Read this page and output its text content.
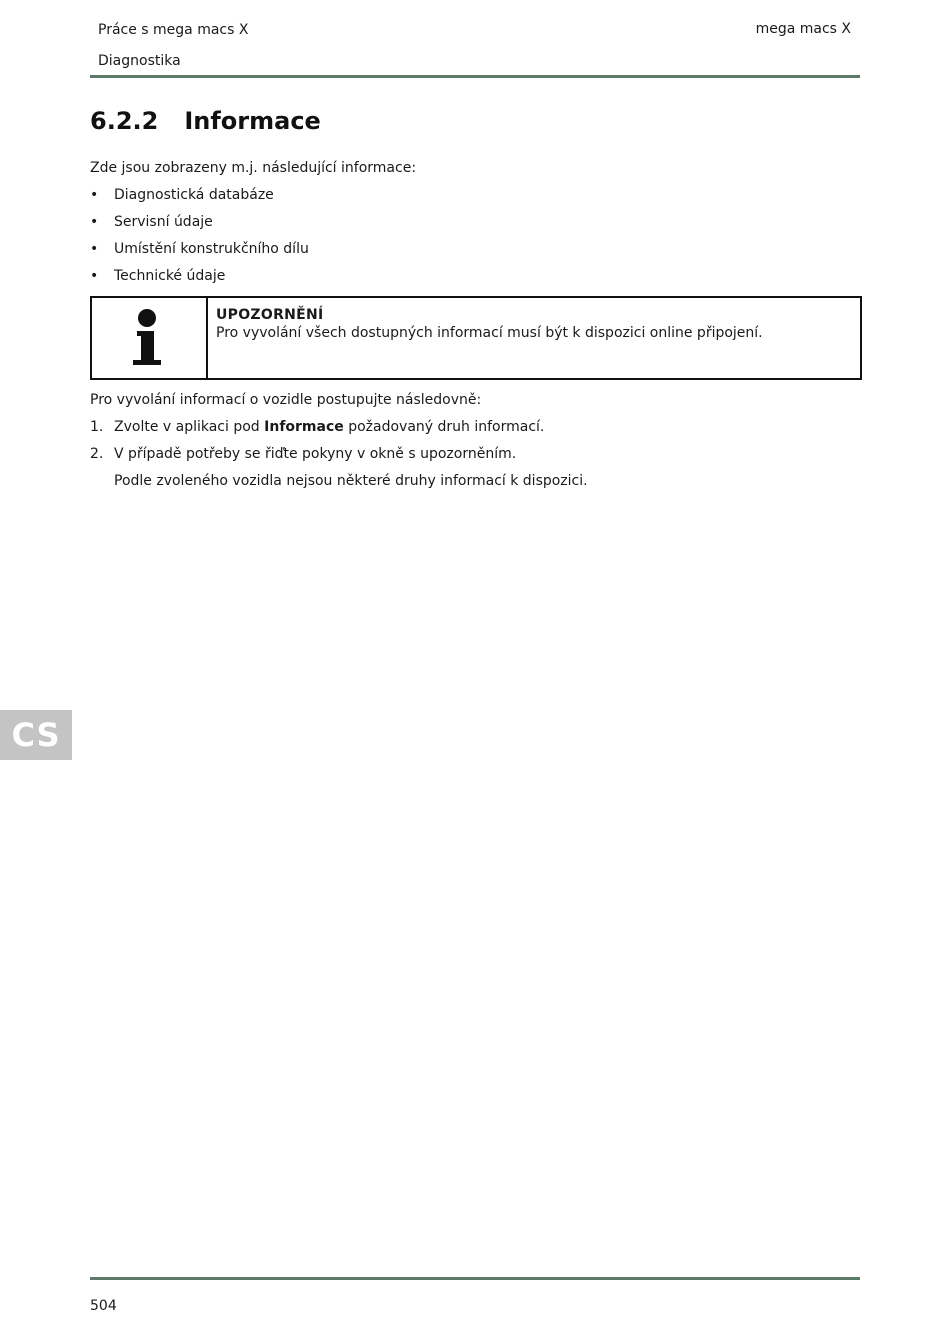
Práce s mega macs X
Diagnostika
mega macs X
6.2.2 Informace
Zde jsou zobrazeny m.j. následující informace:
•	Diagnostická databáze
•	Servisní údaje
•	Umístění konstrukčního dílu
•	Technické údaje
UPOZORNĚNÍ
Pro vyvolání všech dostupných informací musí být k dispozici online připojení.
Pro vyvolání informací o vozidle postupujte následovně:
1. Zvolte v aplikaci pod Informace požadovaný druh informací.
2. V případě potřeby se řiďte pokyny v okně s upozorněním.
Podle zvoleného vozidla nejsou některé druhy informací k dispozici.
CS
504
